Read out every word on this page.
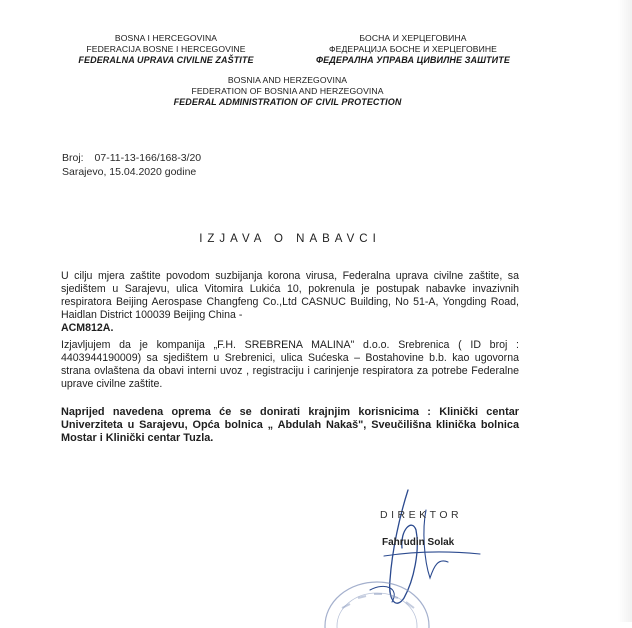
BOSNA I HERCEGOVINA
FEDERACIJA BOSNE I HERCEGOVINE
FEDERALNA UPRAVA CIVILNE ZAŠTITE
БОСНА И ХЕРЦЕГОВИНА
ФЕДЕРАЦИЈА БОСНЕ И ХЕРЦЕГОВИНЕ
ФЕДЕРАЛНА УПРАВА ЦИВИЛНЕ ЗАШТИТЕ
BOSNIA AND HERZEGOVINA
FEDERATION OF BOSNIA AND HERZEGOVINA
FEDERAL ADMINISTRATION OF CIVIL PROTECTION
Broj: 07-11-13-166/168-3/20
Sarajevo, 15.04.2020 godine
IZJAVA O NABAVCI
U cilju mjera zaštite povodom suzbijanja korona virusa, Federalna uprava civilne zaštite, sa sjedištem u Sarajevu, ulica Vitomira Lukića 10, pokrenula je postupak nabavke invazivnih respiratora Beijing Aerospase Changfeng Co.,Ltd CASNUC Building, No 51-A, Yongding Road, Haidlan District 100039 Beijing China -
ACM812A.
Izjavljujem da je kompanija „F.H. SREBRENA MALINA" d.o.o. Srebrenica ( ID broj : 4403944190009) sa sjedištem u Srebrenici, ulica Sućeska – Bostahovine b.b. kao ugovorna strana ovlaštena da obavi interni uvoz , registraciju i carinjenje respiratora za potrebe Federalne uprave civilne zaštite.
Naprijed navedena oprema će se donirati krajnjim korisnicima : Klinički centar Univerziteta u Sarajevu, Opća bolnica „ Abdulah Nakaš", Sveučilišna klinička bolnica Mostar i Klinički centar Tuzla.
DIREKTOR
Fahrudin Solak
